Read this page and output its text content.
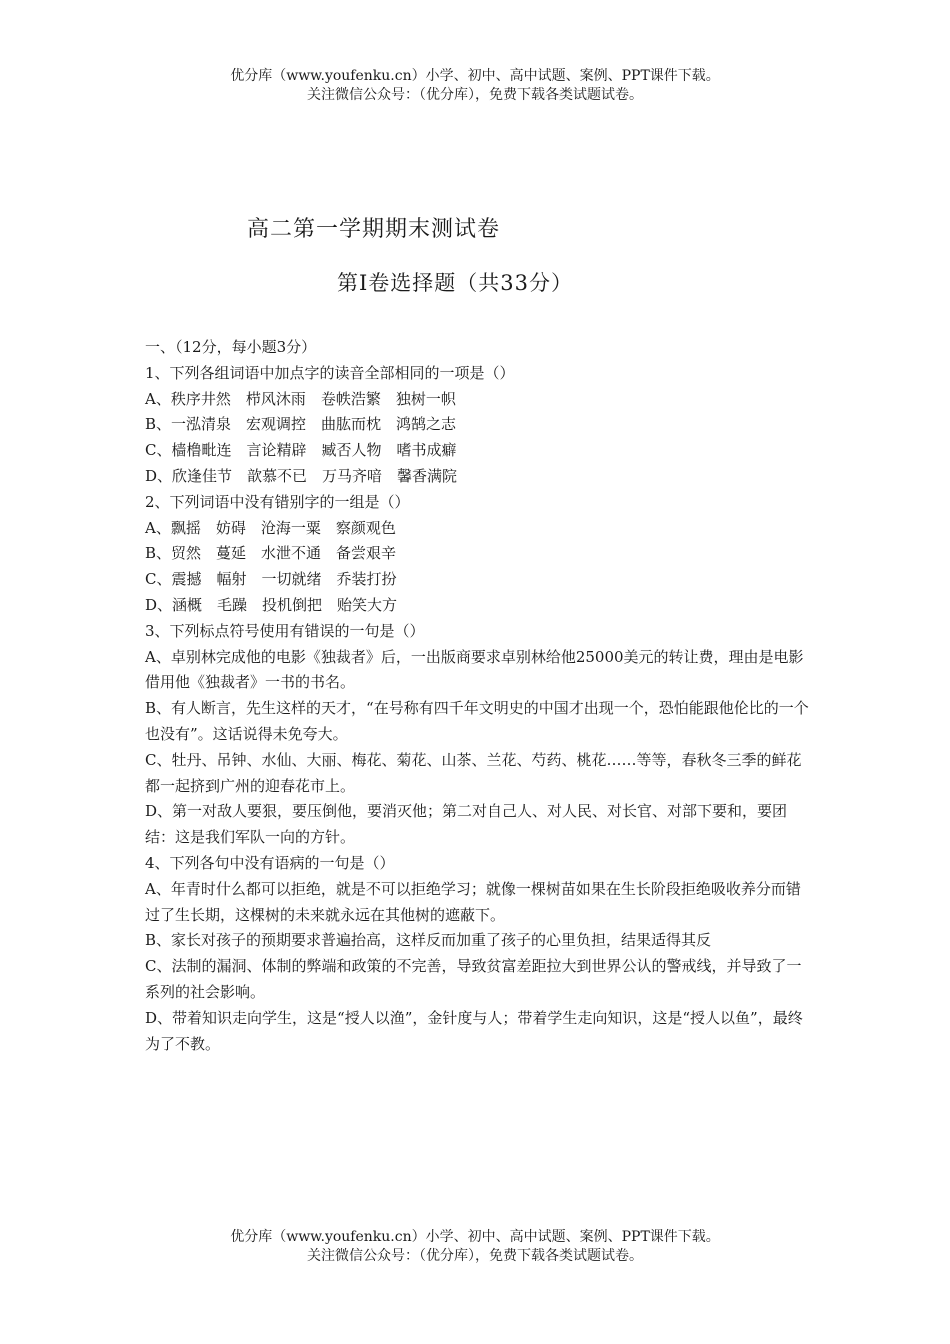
优分库（www.youfenku.cn）小学、初中、高中试题、案例、PPT课件下载。
关注微信公众号：（优分库），免费下载各类试题试卷。
高二第一学期期末测试卷
第Ⅰ卷选择题（共33分）

一、（12分，每小题3分）

1、下列各组词语中加点字的读音全部相同的一项是（）

A、秩序井然　栉风沐雨　卷帙浩繁　独树一帜

B、一泓清泉　宏观调控　曲肱而枕　鸿鹄之志

C、樯橹毗连　言论精辟　臧否人物　嗜书成癖

D、欣逢佳节　歆慕不已　万马齐喑　馨香满院

2、下列词语中没有错别字的一组是（）

A、飘摇　妨碍　沧海一粟　察颜观色

B、贸然　蔓延　水泄不通　备尝艰辛

C、震撼　幅射　一切就绪　乔装打扮

D、涵概　毛躁　投机倒把　贻笑大方

3、下列标点符号使用有错误的一句是（）

A、卓别林完成他的电影《独裁者》后，一出版商要求卓别林给他25000美元的转让费，理由是电影借用他《独裁者》一书的书名。

B、有人断言，先生这样的天才，“在号称有四千年文明史的中国才出现一个，恐怕能跟他伦比的一个也没有”。这话说得未免夸大。

C、牡丹、吊钟、水仙、大丽、梅花、菊花、山茶、兰花、芍药、桃花……等等，春秋冬三季的鲜花都一起挤到广州的迎春花市上。

D、第一对敌人要狠，要压倒他，要消灭他；第二对自己人、对人民、对长官、对部下要和，要团结：这是我们军队一向的方针。

4、下列各句中没有语病的一句是（）

A、年青时什么都可以拒绝，就是不可以拒绝学习；就像一棵树苗如果在生长阶段拒绝吸收养分而错过了生长期，这棵树的未来就永远在其他树的遮蔽下。

B、家长对孩子的预期要求普遍抬高，这样反而加重了孩子的心里负担，结果适得其反

C、法制的漏洞、体制的弊端和政策的不完善，导致贫富差距拉大到世界公认的警戒线，并导致了一系列的社会影响。

D、带着知识走向学生，这是“授人以渔”，金针度与人；带着学生走向知识，这是“授人以鱼”，最终为了不教。

优分库（www.youfenku.cn）小学、初中、高中试题、案例、PPT课件下载。
关注微信公众号：（优分库），免费下载各类试题试卷。
